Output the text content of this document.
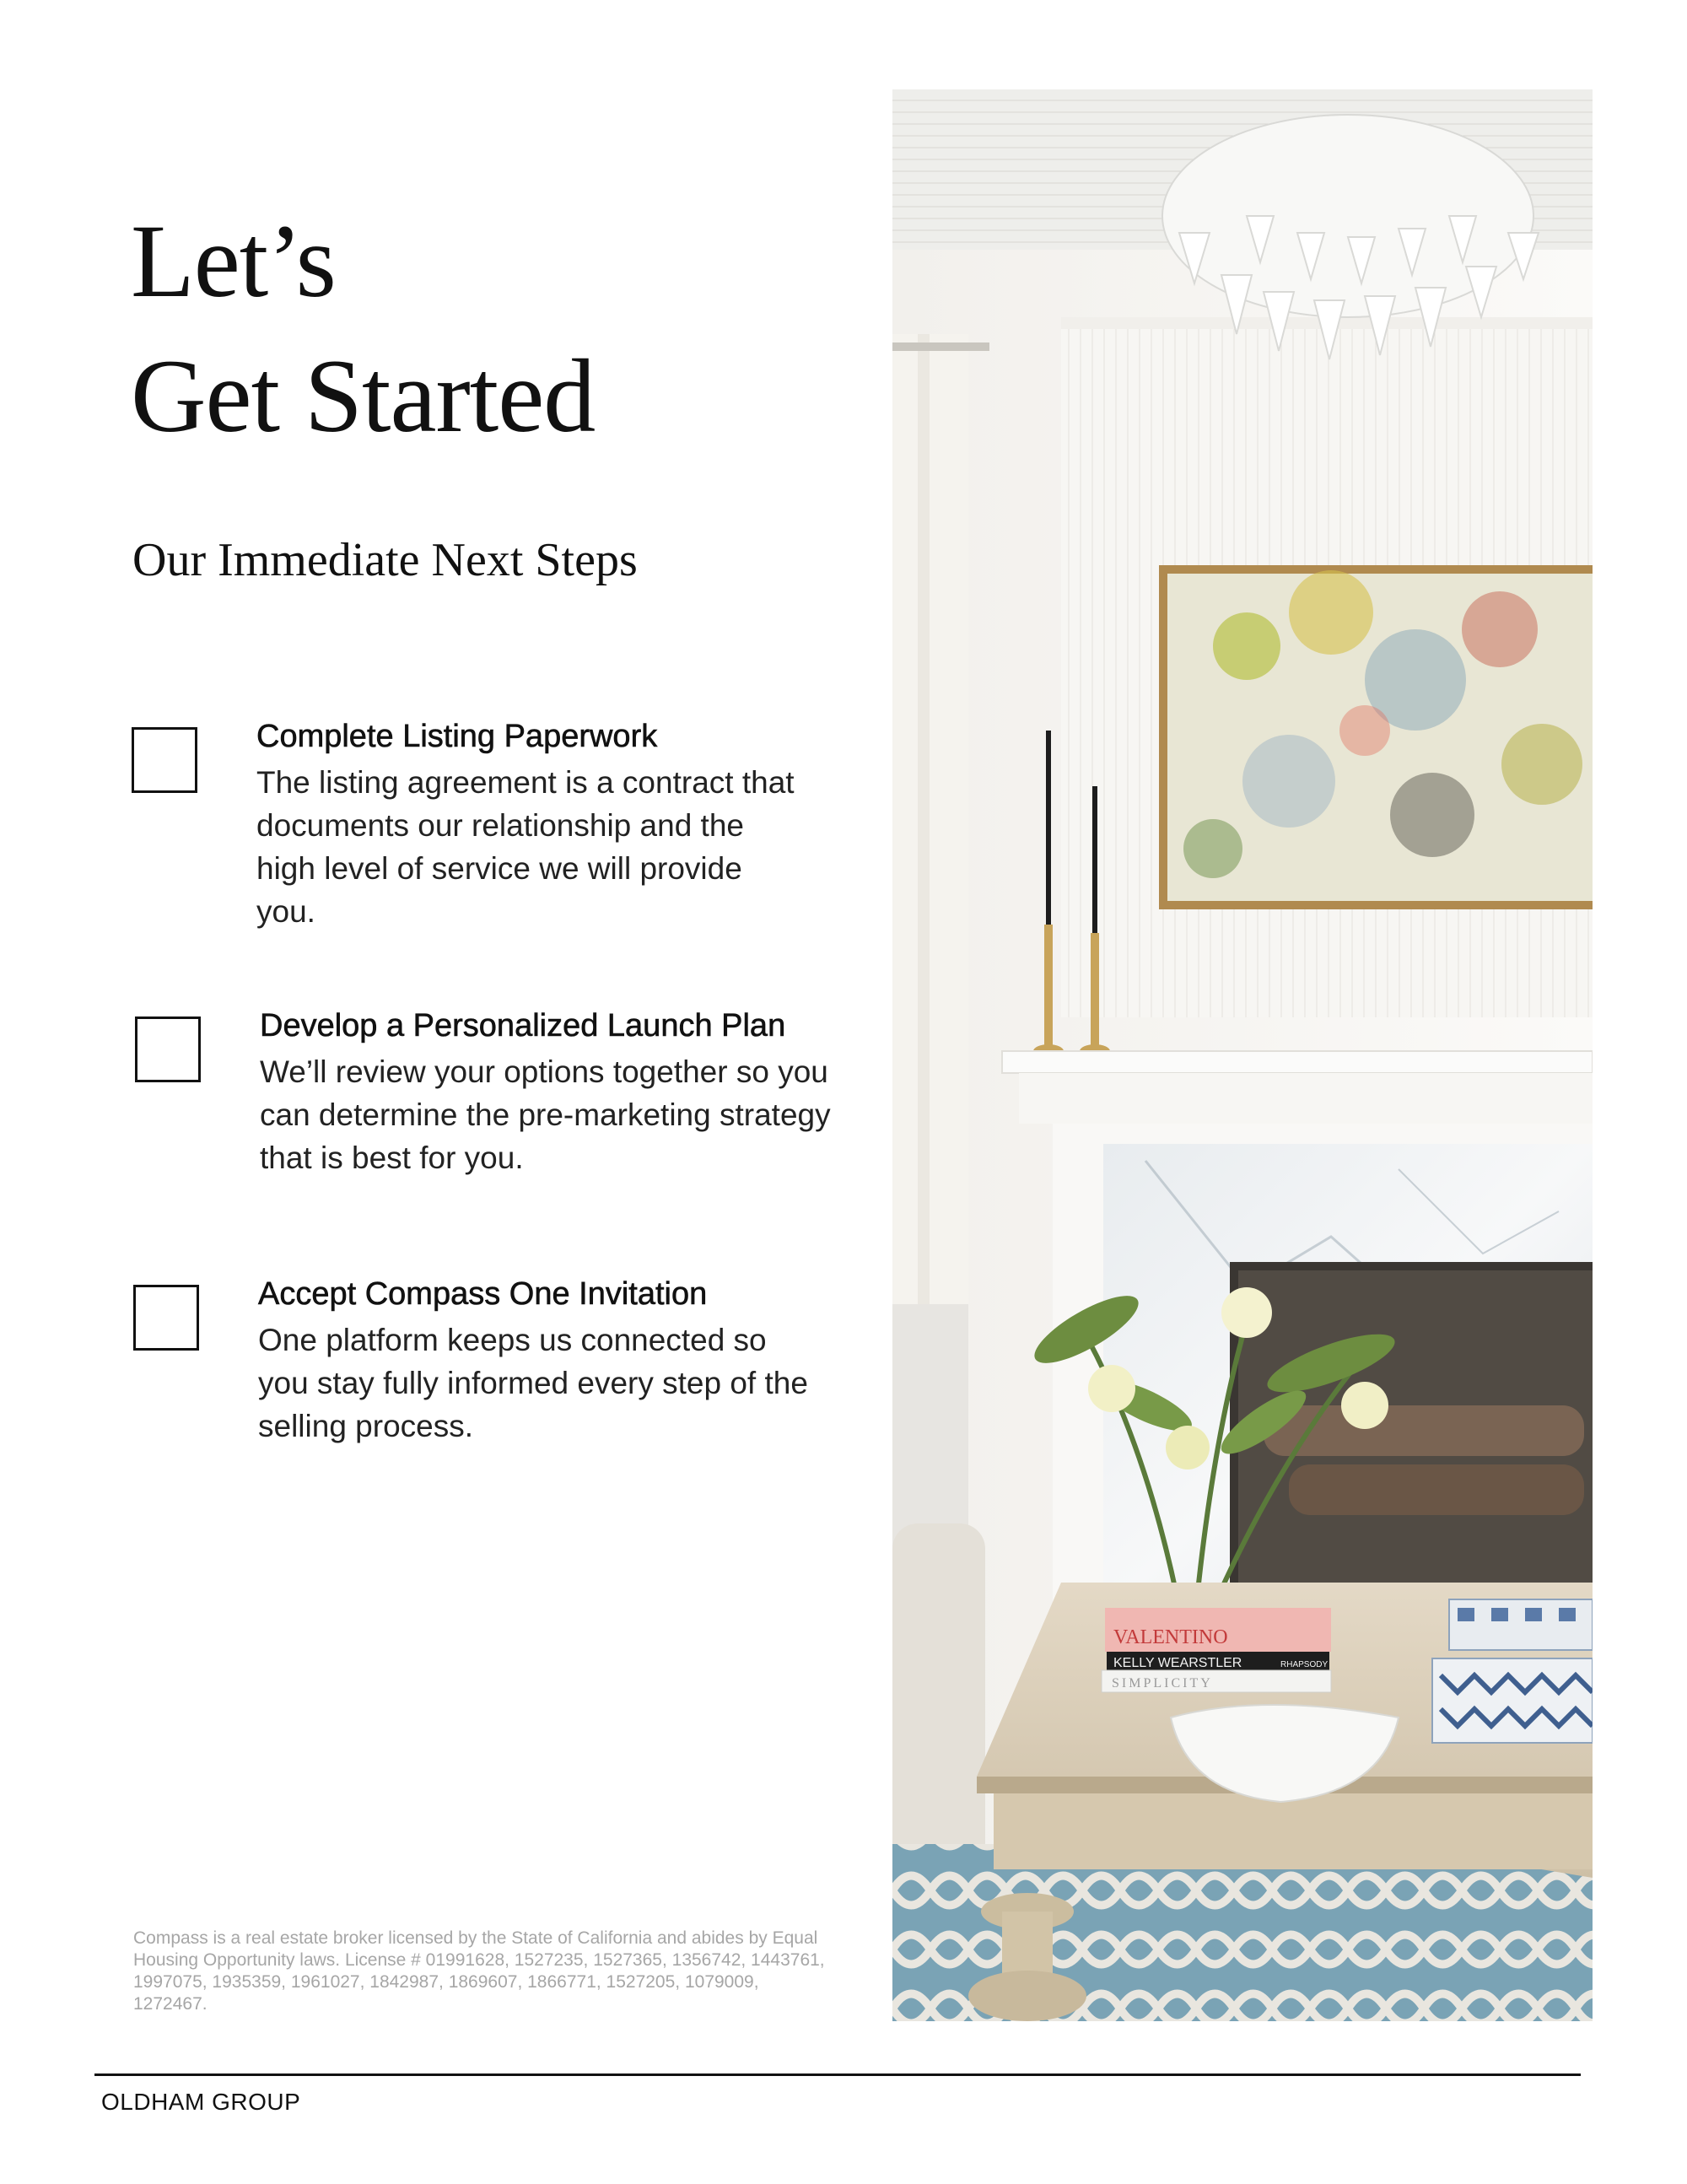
Let’s
Get Started
Our Immediate Next Steps
Complete Listing Paperwork

The listing agreement is a contract that documents our relationship and the high level of service we will provide you.

Develop a Personalized Launch Plan

We’ll review your options together so you can determine the pre-marketing strategy that is best for you.

Accept Compass One Invitation

One platform keeps us connected so you stay fully informed every step of the selling process.

Compass is a real estate broker licensed by the State of California and abides by Equal Housing Opportunity laws. License # 01991628, 1527235, 1527365, 1356742, 1443761, 1997075, 1935359, 1961027, 1842987, 1869607, 1866771, 1527205, 1079009, 1272467.

OLDHAM GROUP
VALENTINO
KELLY WEARSTLER	RHAPSODY
SIMPLICITY
